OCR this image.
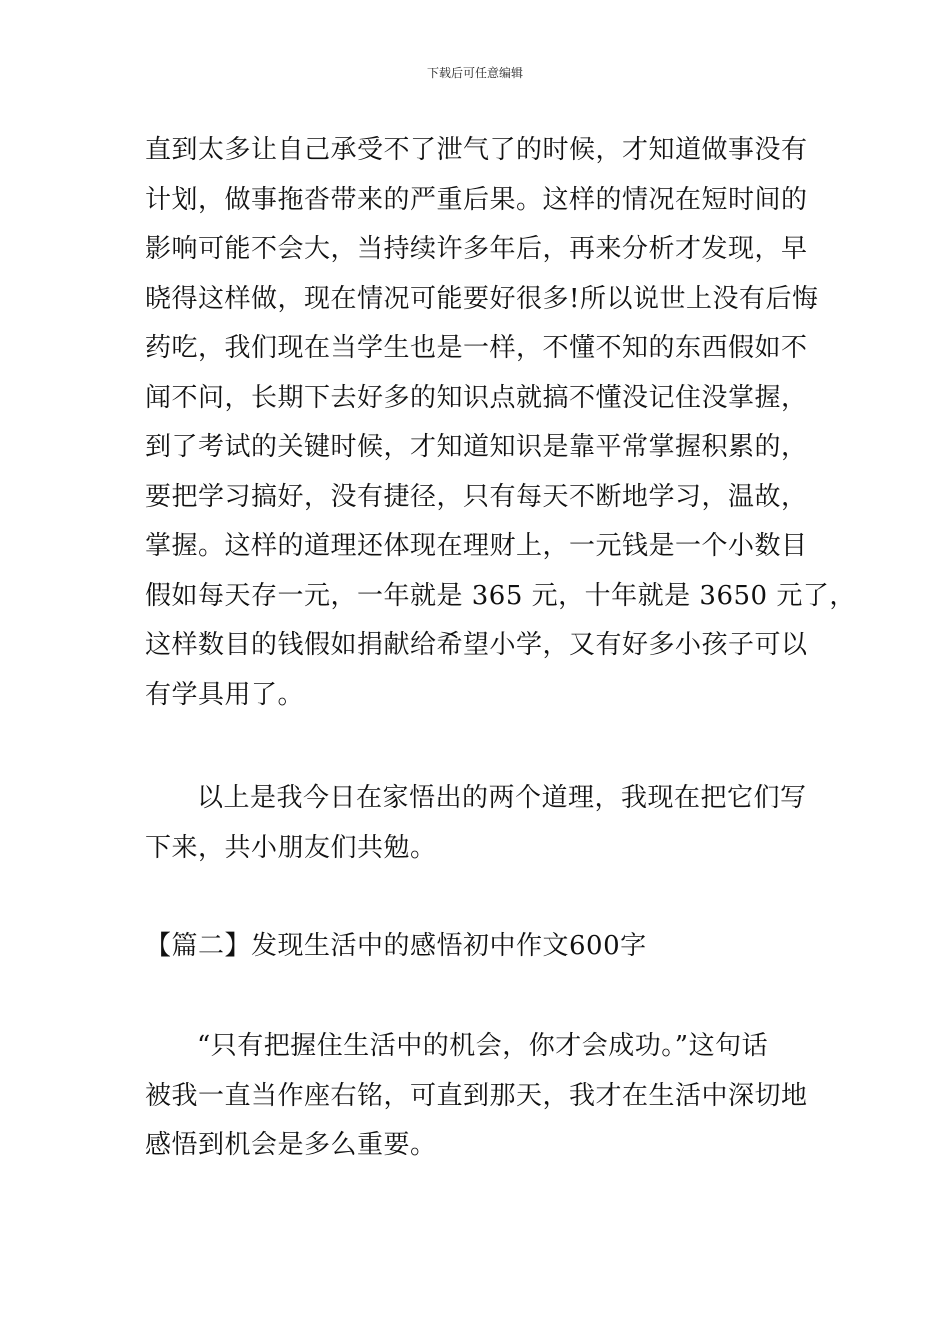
下载后可任意编辑
直到太多让自己承受不了泄气了的时候，才知道做事没有
计划，做事拖沓带来的严重后果。这样的情况在短时间的
影响可能不会大，当持续许多年后，再来分析才发现，早
晓得这样做，现在情况可能要好很多!所以说世上没有后悔
药吃，我们现在当学生也是一样，不懂不知的东西假如不
闻不问，长期下去好多的知识点就搞不懂没记住没掌握，
到了考试的关键时候，才知道知识是靠平常掌握积累的，
要把学习搞好，没有捷径，只有每天不断地学习，温故，
掌握。这样的道理还体现在理财上，一元钱是一个小数目
假如每天存一元，一年就是 365 元，十年就是 3650 元了，
这样数目的钱假如捐献给希望小学，又有好多小孩子可以
有学具用了。
以上是我今日在家悟出的两个道理，我现在把它们写
下来，共小朋友们共勉。
【篇二】发现生活中的感悟初中作文600字
“只有把握住生活中的机会，你才会成功。”这句话
被我一直当作座右铭，可直到那天，我才在生活中深切地
感悟到机会是多么重要。
